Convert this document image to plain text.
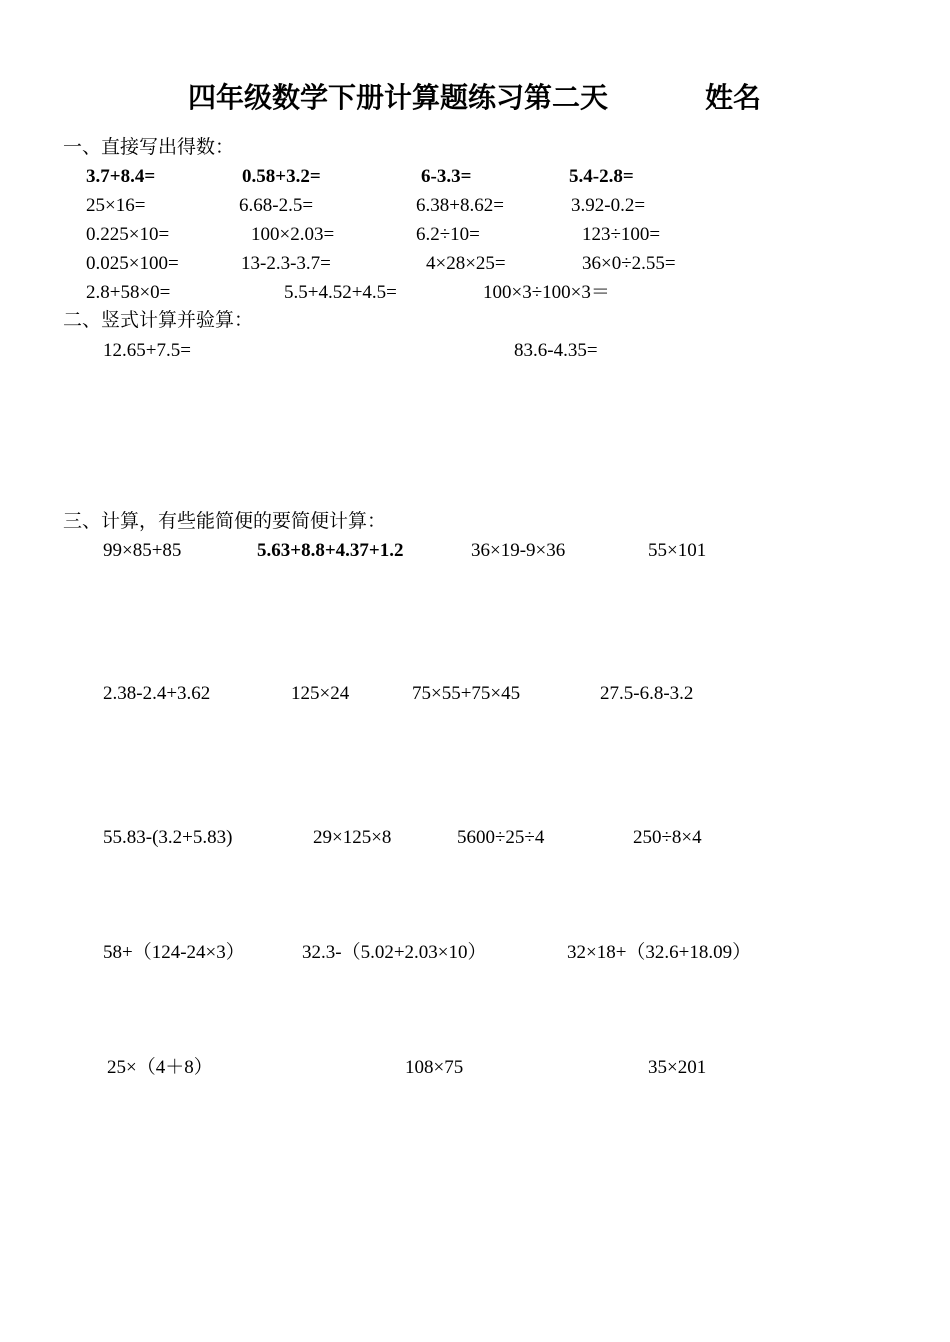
四年级数学下册计算题练习第二天	姓名
一、直接写出得数：
3.7+8.4=	0.58+3.2=	6-3.3=	5.4-2.8=
25×16=	6.68-2.5=	6.38+8.62=	3.92-0.2=
0.225×10=	100×2.03=	6.2÷10=	123÷100=
0.025×100=	13-2.3-3.7=	4×28×25=	36×0÷2.55=
2.8+58×0=	5.5+4.52+4.5=	100×3÷100×3＝
二、竖式计算并验算：
12.65+7.5=	83.6-4.35=
三、计算，有些能简便的要简便计算：
99×85+85	5.63+8.8+4.37+1.2	36×19-9×36	55×101
2.38-2.4+3.62	125×24	75×55+75×45	27.5-6.8-3.2
55.83-(3.2+5.83)	29×125×8	5600÷25÷4	250÷8×4
58+（124-24×3）	32.3-（5.02+2.03×10）	32×18+（32.6+18.09）
25×（4＋8）	108×75	35×201
